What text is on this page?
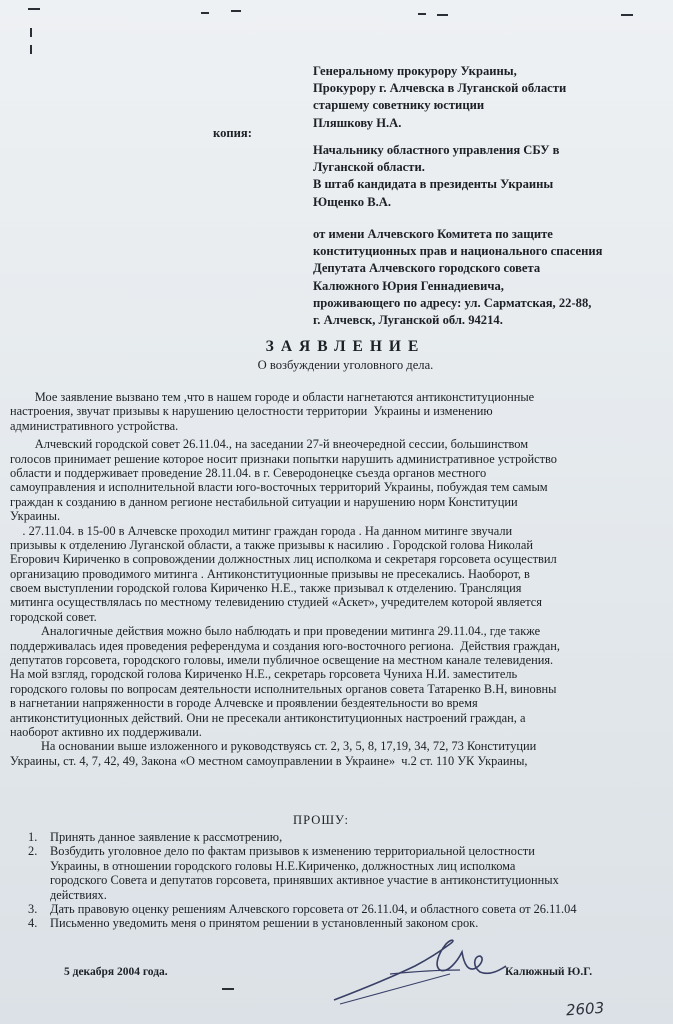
Генеральному прокурору Украины,
Прокурору г. Алчевска в Луганской области
старшему советнику юстиции
Пляшкову Н.А.
копия:
Начальнику областного управления СБУ в
Луганской области.
В штаб кандидата в президенты Украины
Ющенко В.А.
от имени Алчевского Комитета по защите
конституционных прав и национального спасения
Депутата Алчевского городского совета
Калюжного Юрия Геннадиевича,
проживающего по адресу: ул. Сарматская, 22-88,
г. Алчевск, Луганской обл. 94214.
ЗАЯВЛЕНИЕ
О возбуждении уголовного дела.
Мое заявление вызвано тем ,что в нашем городе и области нагнетаются антиконституционные
настроения, звучат призывы к нарушению целостности территории  Украины и изменению
административного устройства.
Алчевский городской совет 26.11.04., на заседании 27-й внеочередной сессии, большинством
голосов принимает решение которое носит признаки попытки нарушить административное устройство
области и поддерживает проведение 28.11.04. в г. Северодонецке съезда органов местного
самоуправления и исполнительной власти юго-восточных территорий Украины, побуждая тем самым
граждан к созданию в данном регионе нестабильной ситуации и нарушению норм Конституции
Украины.
. 27.11.04. в 15-00 в Алчевске проходил митинг граждан города . На данном митинге звучали
призывы к отделению Луганской области, а также призывы к насилию . Городской голова Николай
Егорович Кириченко в сопровождении должностных лиц исполкома и секретаря горсовета осуществил
организацию проводимого митинга . Антиконституционные призывы не пресекались. Наоборот, в
своем выступлении городской голова Кириченко Н.Е., также призывал к отделению. Трансляция
митинга осуществлялась по местному телевидению студией «Аскет», учредителем которой является
городской совет.
Аналогичные действия можно было наблюдать и при проведении митинга 29.11.04., где также
поддерживалась идея проведения референдума и создания юго-восточного региона.  Действия граждан,
депутатов горсовета, городского головы, имели публичное освещение на местном канале телевидения.
На мой взгляд, городской голова Кириченко Н.Е., секретарь горсовета Чунихa Н.И. заместитель
городского головы по вопросам деятельности исполнительных органов совета Татаренко В.Н, виновны
в нагнетании напряженности в городе Алчевске и проявлении бездеятельности во время
антиконституционных действий. Они не пресекали антиконституционных настроений граждан, а
наоборот активно их поддерживали.
На основании выше изложенного и руководствуясь ст. 2, 3, 5, 8, 17,19, 34, 72, 73 Конституции
Украины, ст. 4, 7, 42, 49, Закона «О местном самоуправлении в Украине»  ч.2 ст. 110 УК Украины,
ПРОШУ:
1. Принять данное заявление к рассмотрению,
2. Возбудить уголовное дело по фактам призывов к изменению территориальной целостности
Украины, в отношении городского головы Н.Е.Кириченко, должностных лиц исполкома
городского Совета и депутатов горсовета, принявших активное участие в антиконституционных
действиях.
3. Дать правовую оценку решениям Алчевского горсовета от 26.11.04, и областного совета от 26.11.04
4. Письменно уведомить меня о принятом решении в установленный законом срок.
5 декабря 2004 года.	Калюжный Ю.Г.
2603
